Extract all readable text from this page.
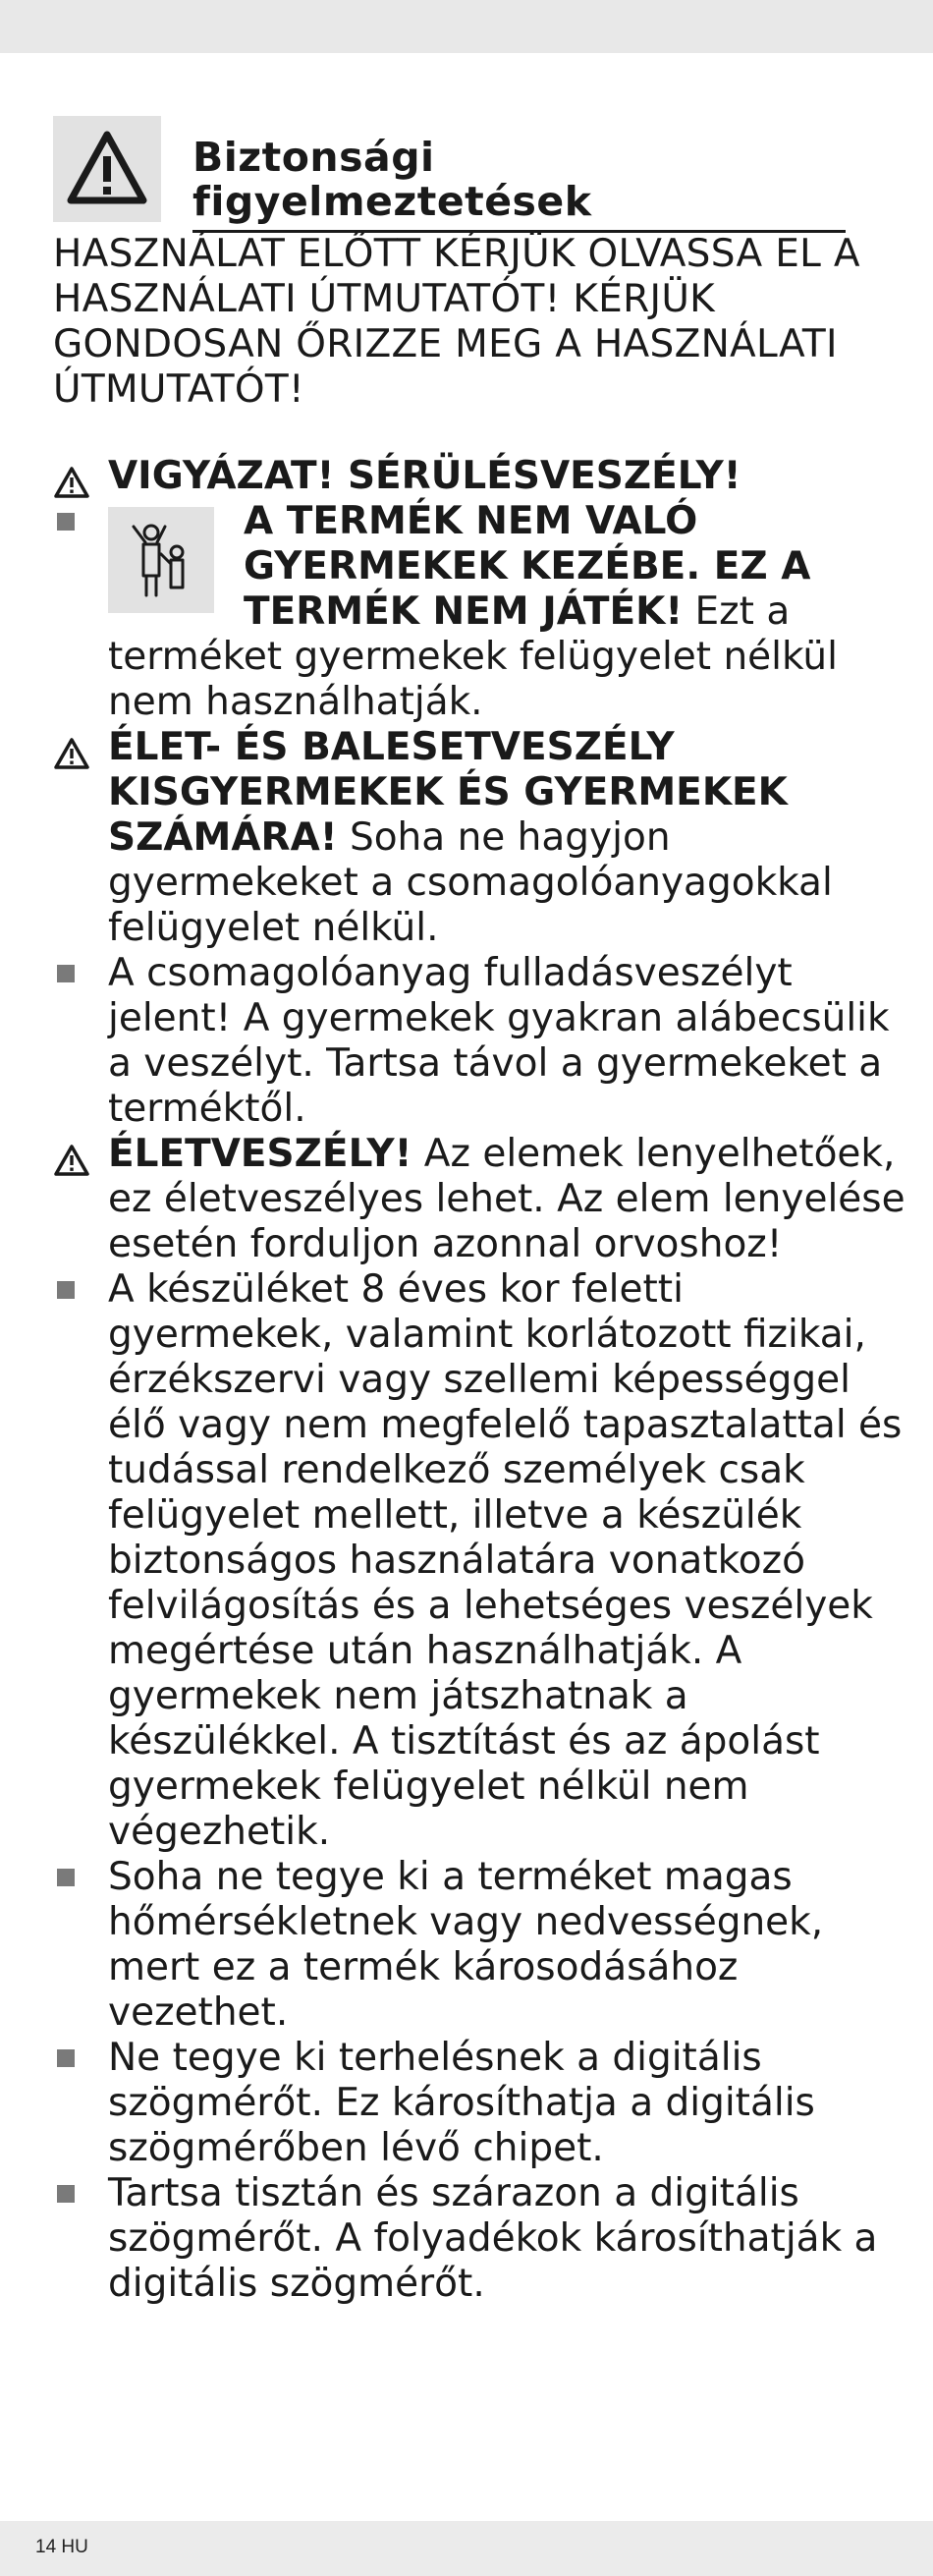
Biztonsági figyelmeztetések

HASZNÁLAT ELŐTT KÉRJÜK OLVASSA EL A HASZNÁLATI ÚTMUTATÓT! KÉRJÜK GONDOSAN ŐRIZZE MEG A HASZNÁLATI ÚTMUTATÓT!

VIGYÁZAT! SÉRÜLÉSVESZÉLY!

A TERMÉK NEM VALÓ GYERMEKEK KEZÉBE. EZ A TERMÉK NEM JÁTÉK! Ezt a terméket gyermekek felügyelet nélkül nem használhatják.

ÉLET- ÉS BALESETVESZÉLY KISGYERMEKEK ÉS GYERMEKEK SZÁMÁRA! Soha ne hagyjon gyermekeket a csomagolóanyagokkal felügyelet nélkül.

A csomagolóanyag fulladásveszélyt jelent! A gyermekek gyakran alábecsülik a veszélyt. Tartsa távol a gyermekeket a terméktől.

ÉLETVESZÉLY! Az elemek lenyelhetőek, ez életveszélyes lehet. Az elem lenyelése esetén forduljon azonnal orvoshoz!

A készüléket 8 éves kor feletti gyermekek, valamint korlátozott fizikai, érzékszervi vagy szellemi képességgel élő vagy nem megfelelő tapasztalattal és tudással rendelkező személyek csak felügyelet mellett, illetve a készülék biztonságos használatára vonatkozó felvilágosítás és a lehetséges veszélyek megértése után használhatják. A gyermekek nem játszhatnak a készülékkel. A tisztítást és az ápolást gyermekek felügyelet nélkül nem végezhetik.

Soha ne tegye ki a terméket magas hőmérsékletnek vagy nedvességnek, mert ez a termék károsodásához vezethet.

Ne tegye ki terhelésnek a digitális szögmérőt. Ez károsíthatja a digitális szögmérőben lévő chipet.

Tartsa tisztán és szárazon a digitális szögmérőt. A folyadékok károsíthatják a digitális szögmérőt.

14 HU
